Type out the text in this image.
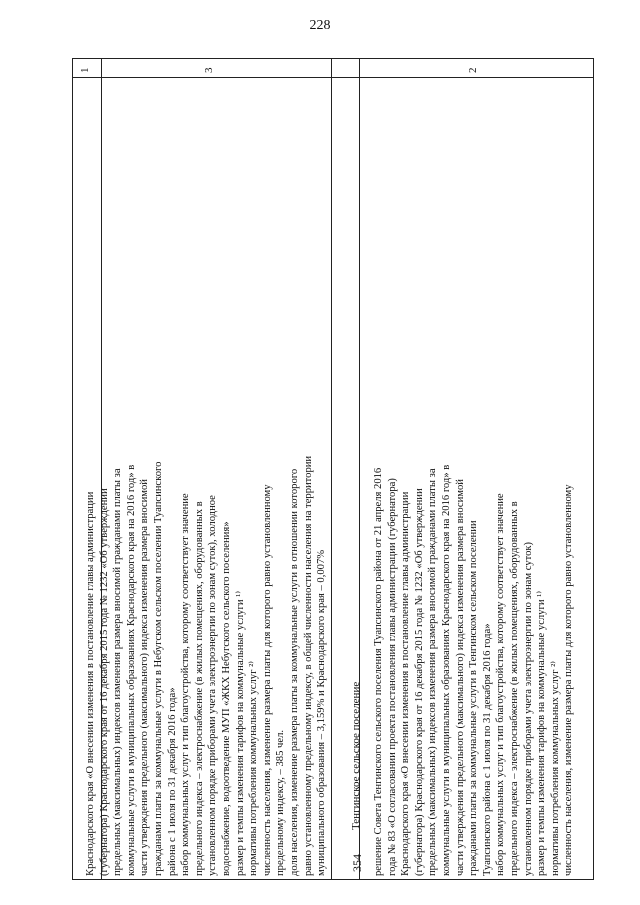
228
1	2
3
Краснодарского края «О внесении изменения в постановление главы администрации (губернатора) Краснодарского края от 16 декабря 2015 года № 1232 «Об утверждении предельных (максимальных) индексов изменения размера вносимой гражданами платы за коммунальные услуги в муниципальных образованиях Краснодарского края на 2016 год» в части утверждения предельного (максимального) индекса изменения размера вносимой гражданами платы за коммунальные услуги в Небугском сельском поселении Туапсинского района с 1 июля по 31 декабря 2016 года» набор коммунальных услуг и тип благоустройства, которому соответствует значение предельного индекса – электроснабжение (в жилых помещениях, оборудованных в установленном порядке приборами учета электроэнергии по зонам суток), холодное водоснабжение, водоотведение МУП «ЖКХ Небугского сельского поселения» размер и темпы изменения тарифов на коммунальные услуги ¹⁾ нормативы потребления коммунальных услуг ²⁾ численность населения, изменение размера платы для которого равно установленному предельному индексу, – 385 чел. доля населения, изменение размера платы за коммунальные услуги в отношении которого равно установленному предельному индексу, в общей численности населения на территории муниципального образования – 3,159% и Краснодарского края – 0,007% 354
Тенгинское сельское поселение решение Совета Тенгинского сельского поселения Туапсинского района от 21 апреля 2016 года № 83 «О согласовании проекта постановления главы администрации (губернатора) Краснодарского края «О внесении изменения в постановление главы администрации (губернатора) Краснодарского края от 16 декабря 2015 года № 1232 «Об утверждении предельных (максимальных) индексов изменения размера вносимой гражданами платы за коммунальные услуги в муниципальных образованиях Краснодарского края на 2016 год» в части утверждения предельного (максимального) индекса изменения размера вносимой гражданами платы за коммунальные услуги в Тенгинском сельском поселении Туапсинского района с 1 июля по 31 декабря 2016 года» набор коммунальных услуг и тип благоустройства, которому соответствует значение предельного индекса – электроснабжение (в жилых помещениях, оборудованных в установленном порядке приборами учета электроэнергии по зонам суток) размер и темпы изменения тарифов на коммунальные услуги ¹⁾ нормативы потребления коммунальных услуг ²⁾ численность населения, изменение размера платы для которого равно установленному
